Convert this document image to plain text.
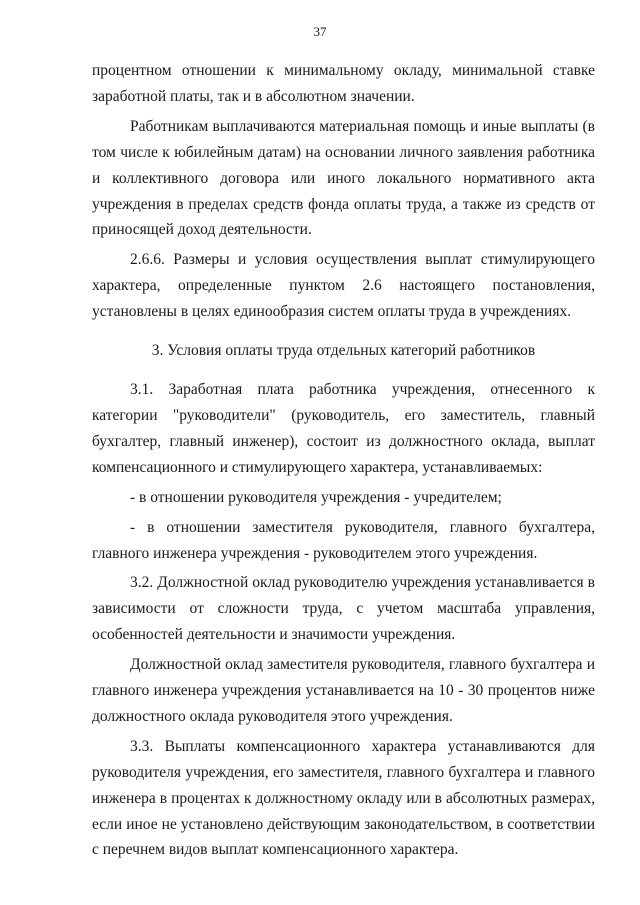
37

процентном отношении к минимальному окладу, минимальной ставке заработной платы, так и в абсолютном значении.

Работникам выплачиваются материальная помощь и иные выплаты (в том числе к юбилейным датам) на основании личного заявления работника и коллективного договора или иного локального нормативного акта учреждения в пределах средств фонда оплаты труда, а также из средств от приносящей доход деятельности.

2.6.6. Размеры и условия осуществления выплат стимулирующего характера, определенные пунктом 2.6 настоящего постановления, установлены в целях единообразия систем оплаты труда в учреждениях.

3. Условия оплаты труда отдельных категорий работников

3.1. Заработная плата работника учреждения, отнесенного к категории "руководители" (руководитель, его заместитель, главный бухгалтер, главный инженер), состоит из должностного оклада, выплат компенсационного и стимулирующего характера, устанавливаемых:

- в отношении руководителя учреждения - учредителем;

- в отношении заместителя руководителя, главного бухгалтера, главного инженера учреждения - руководителем этого учреждения.

3.2. Должностной оклад руководителю учреждения устанавливается в зависимости от сложности труда, с учетом масштаба управления, особенностей деятельности и значимости учреждения.

Должностной оклад заместителя руководителя, главного бухгалтера и главного инженера учреждения устанавливается на 10 - 30 процентов ниже должностного оклада руководителя этого учреждения.

3.3. Выплаты компенсационного характера устанавливаются для руководителя учреждения, его заместителя, главного бухгалтера и главного инженера в процентах к должностному окладу или в абсолютных размерах, если иное не установлено действующим законодательством, в соответствии с перечнем видов выплат компенсационного характера.
